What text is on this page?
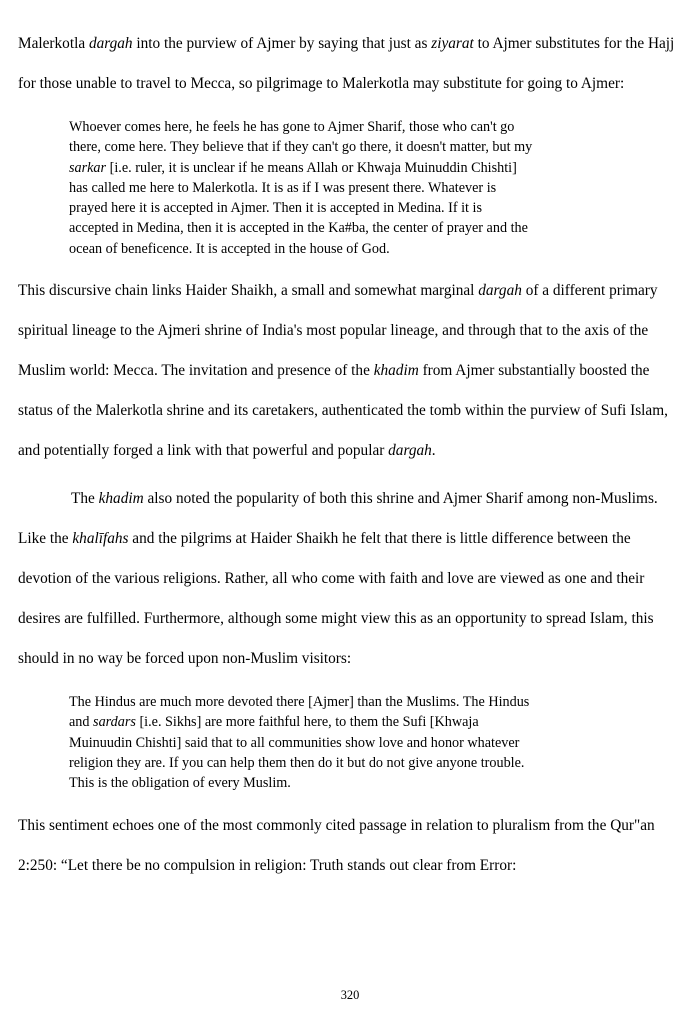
Malerkotla dargah into the purview of Ajmer by saying that just as ziyarat to Ajmer substitutes for the Hajj for those unable to travel to Mecca, so pilgrimage to Malerkotla may substitute for going to Ajmer:

Whoever comes here, he feels he has gone to Ajmer Sharif, those who can't go
there, come here. They believe that if they can't go there, it doesn't matter, but my
sarkar [i.e. ruler, it is unclear if he means Allah or Khwaja Muinuddin Chishti]
has called me here to Malerkotla. It is as if I was present there. Whatever is
prayed here it is accepted in Ajmer. Then it is accepted in Medina. If it is
accepted in Medina, then it is accepted in the Ka#ba, the center of prayer and the
ocean of beneficence. It is accepted in the house of God.

This discursive chain links Haider Shaikh, a small and somewhat marginal dargah of a different primary spiritual lineage to the Ajmeri shrine of India's most popular lineage, and through that to the axis of the Muslim world: Mecca. The invitation and presence of the khadim from Ajmer substantially boosted the status of the Malerkotla shrine and its caretakers, authenticated the tomb within the purview of Sufi Islam, and potentially forged a link with that powerful and popular dargah.

The khadim also noted the popularity of both this shrine and Ajmer Sharif among non-Muslims. Like the khalīfahs and the pilgrims at Haider Shaikh he felt that there is little difference between the devotion of the various religions. Rather, all who come with faith and love are viewed as one and their desires are fulfilled. Furthermore, although some might view this as an opportunity to spread Islam, this should in no way be forced upon non-Muslim visitors:

The Hindus are much more devoted there [Ajmer] than the Muslims. The Hindus
and sardars [i.e. Sikhs] are more faithful here, to them the Sufi [Khwaja
Muinuudin Chishti] said that to all communities show love and honor whatever
religion they are. If you can help them then do it but do not give anyone trouble.
This is the obligation of every Muslim.

This sentiment echoes one of the most commonly cited passage in relation to pluralism from the Qur"an 2:250: “Let there be no compulsion in religion: Truth stands out clear from Error:

320
